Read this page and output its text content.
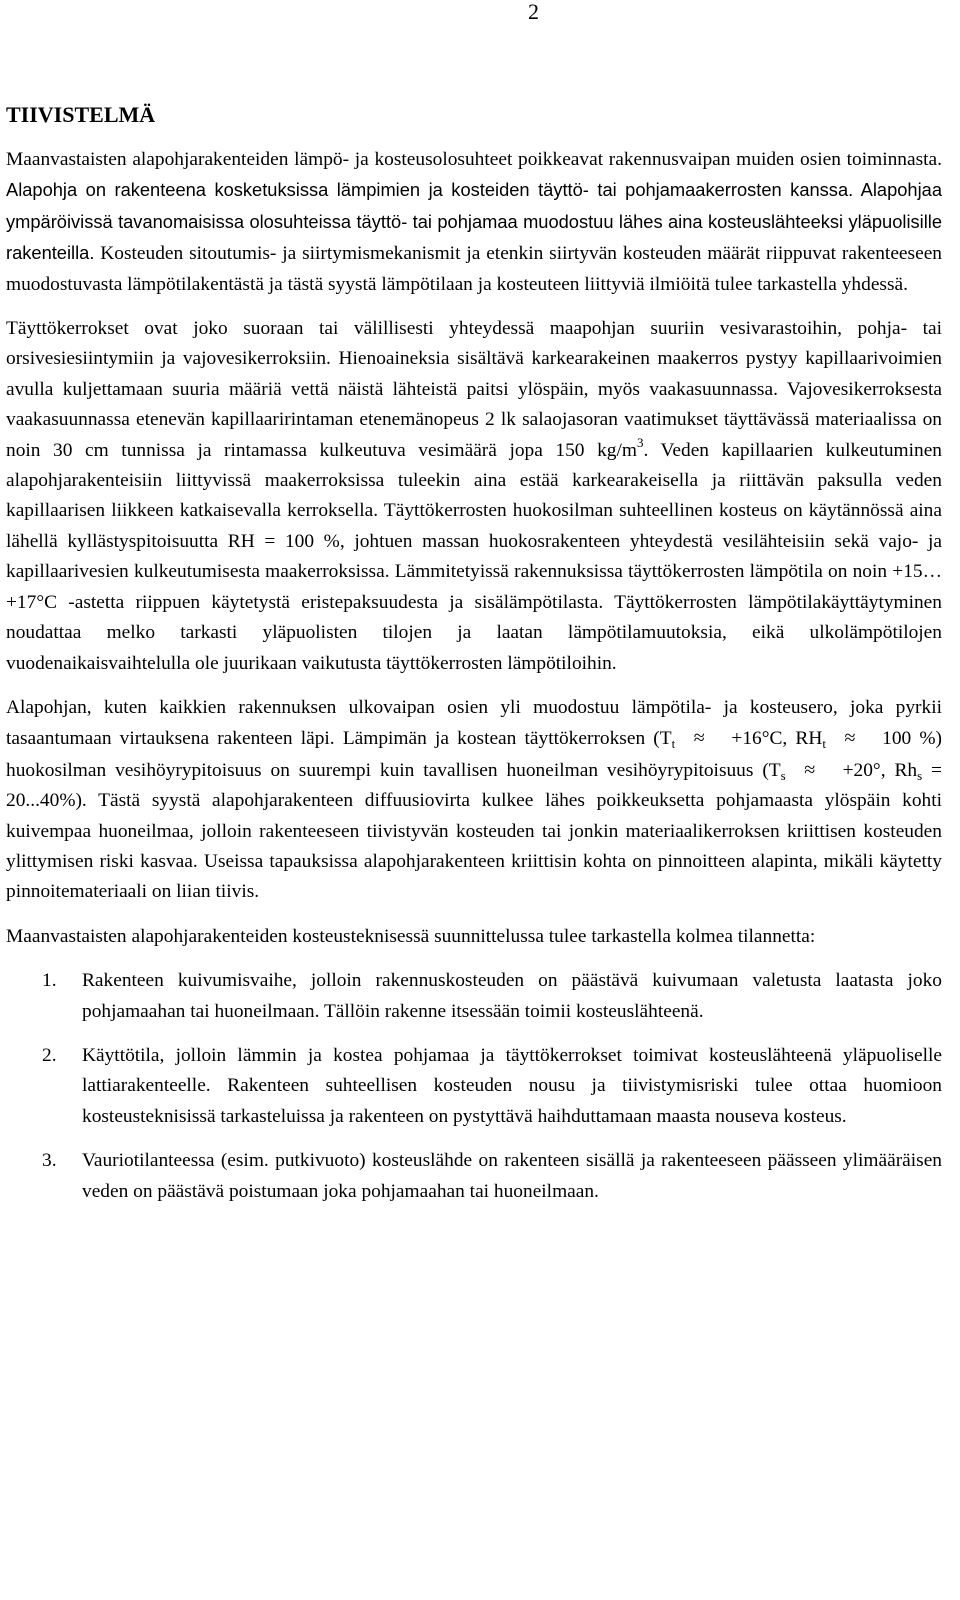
2
TIIVISTELMÄ

Maanvastaisten alapohjarakenteiden lämpö- ja kosteusolosuhteet poikkeavat rakennusvaipan muiden osien toiminnasta. Alapohja on rakenteena kosketuksissa lämpimien ja kosteiden täyttö- tai pohjamaakerrosten kanssa. Alapohjaa ympäröivissä tavanomaisissa olosuhteissa täyttö- tai pohjamaa muodostuu lähes aina kosteuslähteeksi yläpuolisille rakenteilla. Kosteuden sitoutumis- ja siirtymismekanismit ja etenkin siirtyvän kosteuden määrät riippuvat rakenteeseen muodostuvasta lämpötilakentästä ja tästä syystä lämpötilaan ja kosteuteen liittyviä ilmiöitä tulee tarkastella yhdessä.

Täyttökerrokset ovat joko suoraan tai välillisesti yhteydessä maapohjan suuriin vesivarastoihin, pohja- tai orsivesiesiintymiin ja vajovesikerroksiin. Hienoaineksia sisältävä karkearakeinen maakerros pystyy kapillaarivoimien avulla kuljettamaan suuria määriä vettä näistä lähteistä paitsi ylöspäin, myös vaakasuunnassa. Vajovesikerroksesta vaakasuunnassa etenevän kapillaaririntaman etenemänopeus 2 lk salaojasoran vaatimukset täyttävässä materiaalissa on noin 30 cm tunnissa ja rintamassa kulkeutuva vesimäärä jopa 150 $kg/m^3$. Veden kapillaarien kulkeutuminen alapohjarakenteisiin liittyvissä maakerroksissa tuleekin aina estää karkearakeisella ja riittävän paksulla veden kapillaarisen liikkeen katkaisevalla kerroksella. Täyttökerrosten huokosilman suhteellinen kosteus on käytännössä aina lähellä kyllästyspitoisuutta RH = 100 %, johtuen massan huokosrakenteen yhteydestä vesilähteisiin sekä vajo- ja kapillaarivesien kulkeutumisesta maakerroksissa. Lämmitetyissä rakennuksissa täyttökerrosten lämpötila on noin +15…+17°C -astetta riippuen käytetystä eristepaksuudesta ja sisälämpötilasta. Täyttökerrosten lämpötilakäyttäytyminen noudattaa melko tarkasti yläpuolisten tilojen ja laatan lämpötilamuutoksia, eikä ulkolämpötilojen vuodenaikaisvaihtelulla ole juurikaan vaikutusta täyttökerrosten lämpötiloihin.

Alapohjan, kuten kaikkien rakennuksen ulkovaipan osien yli muodostuu lämpötila- ja kosteusero, joka pyrkii tasaantumaan virtauksena rakenteen läpi. Lämpimän ja kostean täyttökerroksen ($T_t \approx +16^\circ C$, $RH_t \approx 100$ %) huokosilman vesihöyrypitoisuus on suurempi kuin tavallisen huoneilman vesihöyrypitoisuus ($T_s \approx +20^\circ$, $Rh_s = 20...40\%$). Tästä syystä alapohjarakenteen diffuusiovirta kulkee lähes poikkeuksetta pohjamaasta ylöspäin kohti kuivempaa huoneilmaa, jolloin rakenteeseen tiivistyvän kosteuden tai jonkin materiaalikerroksen kriittisen kosteuden ylittymisen riski kasvaa. Useissa tapauksissa alapohjarakenteen kriittisin kohta on pinnoitteen alapinta, mikäli käytetty pinnoitemateriaali on liian tiivis.

Maanvastaisten alapohjarakenteiden kosteusteknisessä suunnittelussa tulee tarkastella kolmea tilannetta:

1. Rakenteen kuivumisvaihe, jolloin rakennuskosteuden on päästävä kuivumaan valetusta laatasta joko pohjamaahan tai huoneilmaan. Tällöin rakenne itsessään toimii kosteuslähteenä.
2. Käyttötila, jolloin lämmin ja kostea pohjamaa ja täyttökerrokset toimivat kosteuslähteenä yläpuoliselle lattiarakenteelle. Rakenteen suhteellisen kosteuden nousu ja tiivistymisriski tulee ottaa huomioon kosteusteknisissä tarkasteluissa ja rakenteen on pystyttävä haihduttamaan maasta nouseva kosteus.
3. Vauriotilanteessa (esim. putkivuoto) kosteuslähde on rakenteen sisällä ja rakenteeseen päässeen ylimääräisen veden on päästävä poistumaan joka pohjamaahan tai huoneilmaan.
